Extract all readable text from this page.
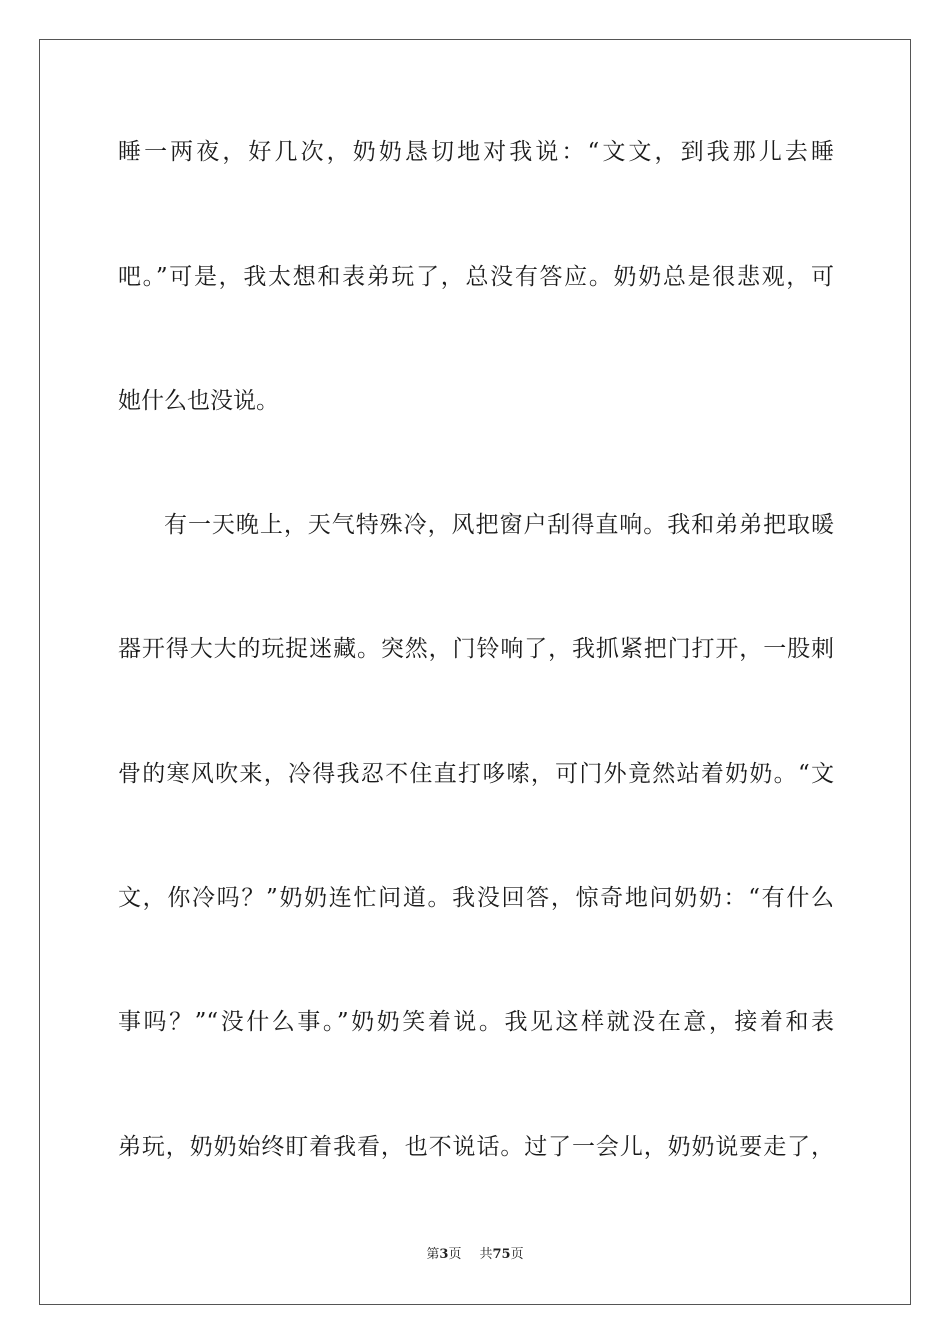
睡一两夜，好几次，奶奶恳切地对我说：“文文，到我那儿去睡
吧。”可是，我太想和表弟玩了，总没有答应。奶奶总是很悲观，可
她什么也没说。
有一天晚上，天气特殊冷，风把窗户刮得直响。我和弟弟把取暖
器开得大大的玩捉迷藏。突然，门铃响了，我抓紧把门打开，一股刺
骨的寒风吹来，冷得我忍不住直打哆嗦，可门外竟然站着奶奶。“文
文，你冷吗？”奶奶连忙问道。我没回答，惊奇地问奶奶：“有什么
事吗？”“没什么事。”奶奶笑着说。我见这样就没在意，接着和表
弟玩，奶奶始终盯着我看，也不说话。过了一会儿，奶奶说要走了，
第3页 共75页
